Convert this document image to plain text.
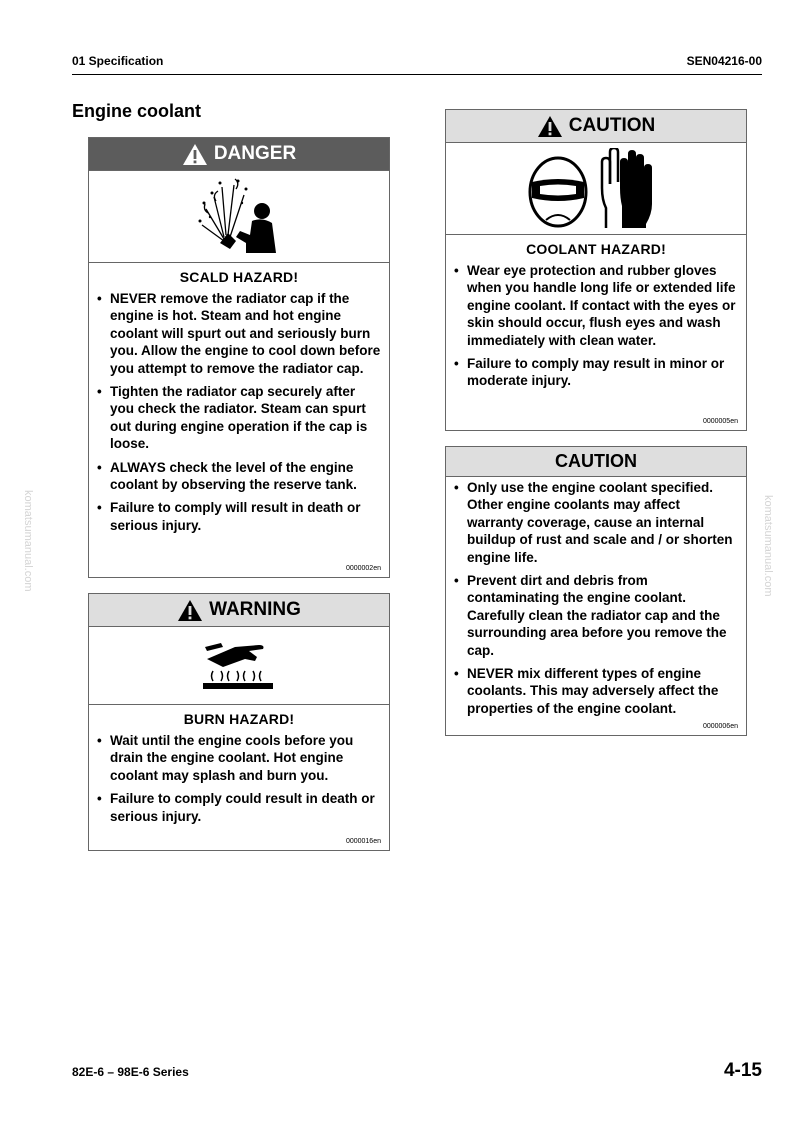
01 Specification	SEN04216-00
Engine coolant
DANGER
SCALD HAZARD!
• NEVER remove the radiator cap if the engine is hot. Steam and hot engine coolant will spurt out and seriously burn you. Allow the engine to cool down before you attempt to remove the radiator cap.
• Tighten the radiator cap securely after you check the radiator. Steam can spurt out during engine operation if the cap is loose.
• ALWAYS check the level of the engine coolant by observing the reserve tank.
• Failure to comply will result in death or serious injury.
0000002en
WARNING
BURN HAZARD!
• Wait until the engine cools before you drain the engine coolant. Hot engine coolant may splash and burn you.
• Failure to comply could result in death or serious injury.
0000016en
CAUTION
COOLANT HAZARD!
• Wear eye protection and rubber gloves when you handle long life or extended life engine coolant. If contact with the eyes or skin should occur, flush eyes and wash immediately with clean water.
• Failure to comply may result in minor or moderate injury.
0000005en
CAUTION
• Only use the engine coolant specified. Other engine coolants may affect warranty coverage, cause an internal buildup of rust and scale and / or shorten engine life.
• Prevent dirt and debris from contaminating the engine coolant. Carefully clean the radiator cap and the surrounding area before you remove the cap.
• NEVER mix different types of engine coolants. This may adversely affect the properties of the engine coolant.
0000006en
komatsumanual.com	komatsumanual.com
82E-6 – 98E-6 Series	4-15
